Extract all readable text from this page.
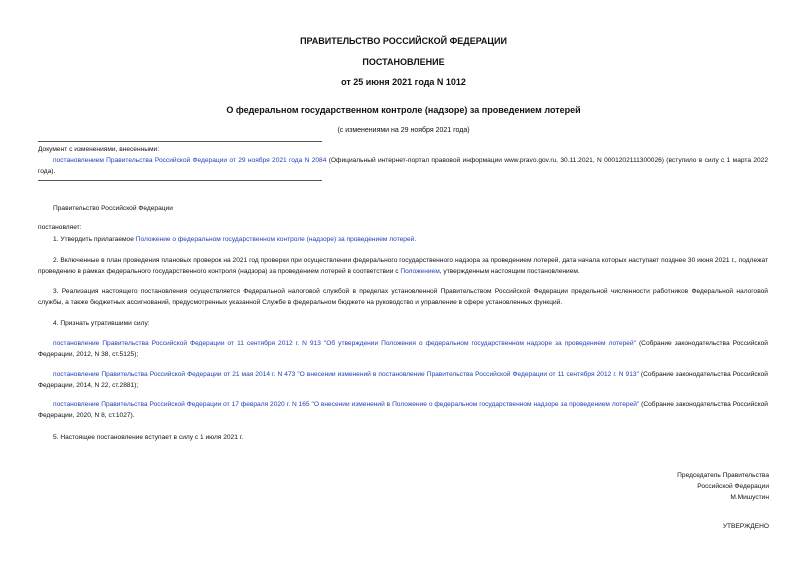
ПРАВИТЕЛЬСТВО РОССИЙСКОЙ ФЕДЕРАЦИИ
ПОСТАНОВЛЕНИЕ
от 25 июня 2021 года N 1012
О федеральном государственном контроле (надзоре) за проведением лотерей
(с изменениями на 29 ноября 2021 года)
Документ с изменениями, внесенными:
постановлением Правительства Российской Федерации от 29 ноября 2021 года N 2084 (Официальный интернет-портал правовой информации www.pravo.gov.ru, 30.11.2021, N 0001202111300026) (вступило в силу с 1 марта 2022 года).
Правительство Российской Федерации
постановляет:
1. Утвердить прилагаемое Положение о федеральном государственном контроле (надзоре) за проведением лотерей.
2. Включенные в план проведения плановых проверок на 2021 год проверки при осуществлении федерального государственного надзора за проведением лотерей, дата начала которых наступает позднее 30 июня 2021 г., подлежат проведению в рамках федерального государственного контроля (надзора) за проведением лотерей в соответствии с Положением, утвержденным настоящим постановлением.
3. Реализация настоящего постановления осуществляется Федеральной налоговой службой в пределах установленной Правительством Российской Федерации предельной численности работников Федеральной налоговой службы, а также бюджетных ассигнований, предусмотренных указанной Службе в федеральном бюджете на руководство и управление в сфере установленных функций.
4. Признать утратившими силу:
постановление Правительства Российской Федерации от 11 сентября 2012 г. N 913 "Об утверждении Положения о федеральном государственном надзоре за проведением лотерей" (Собрание законодательства Российской Федерации, 2012, N 38, ст.5125);
постановление Правительства Российской Федерации от 21 мая 2014 г. N 473 "О внесении изменений в постановление Правительства Российской Федерации от 11 сентября 2012 г. N 913" (Собрание законодательства Российской Федерации, 2014, N 22, ст.2881);
постановление Правительства Российской Федерации от 17 февраля 2020 г. N 165 "О внесении изменений в Положение о федеральном государственном надзоре за проведением лотерей" (Собрание законодательства Российской Федерации, 2020, N 8, ст.1027).
5. Настоящее постановление вступает в силу с 1 июля 2021 г.
Председатель Правительства
Российской Федерации
М.Мишустин
УТВЕРЖДЕНО
